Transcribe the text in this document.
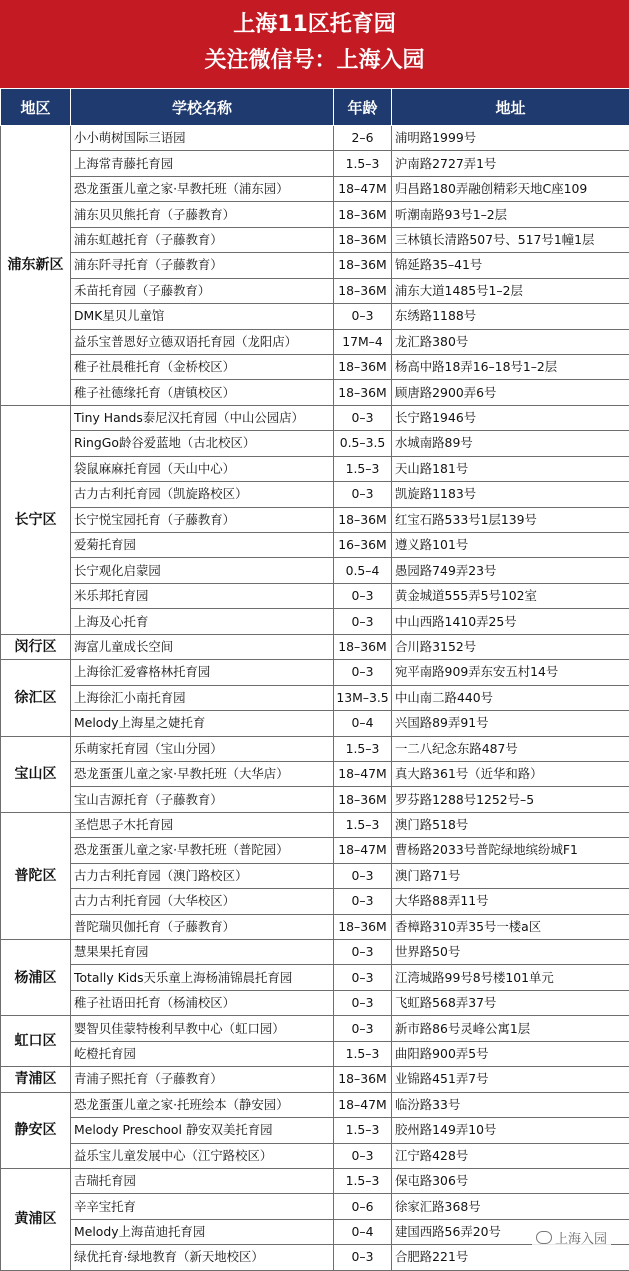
上海11区托育园
关注微信号：上海入园
地区	学校名称	年龄	地址
浦东新区	小小萌树国际三语园	2–6	浦明路1999号
	上海常青藤托育园	1.5–3	沪南路2727弄1号
	恐龙蛋蛋儿童之家·早教托班（浦东园）	18–47M	归昌路180弄融创精彩天地C座109
	浦东贝贝熊托育（子藤教育）	18–36M	听潮南路93号1–2层
	浦东虹越托育（子藤教育）	18–36M	三林镇长清路507号、517号1幢1层
	浦东阡寻托育（子藤教育）	18–36M	锦延路35–41号
	禾苗托育园（子藤教育）	18–36M	浦东大道1485号1–2层
	DMK星贝儿童馆	0–3	东绣路1188号
	益乐宝普恩好立德双语托育园（龙阳店）	17M–4	龙汇路380号
	稚子社晨稚托育（金桥校区）	18–36M	杨高中路18弄16–18号1–2层
	稚子社德缘托育（唐镇校区）	18–36M	顾唐路2900弄6号
长宁区	Tiny Hands泰尼汉托育园（中山公园店）	0–3	长宁路1946号
	RingGo龄谷爱蓝地（古北校区）	0.5–3.5	水城南路89号
	袋鼠麻麻托育园（天山中心）	1.5–3	天山路181号
	古力古利托育园（凯旋路校区）	0–3	凯旋路1183号
	长宁悦宝园托育（子藤教育）	18–36M	红宝石路533号1层139号
	爱菊托育园	16–36M	遵义路101号
	长宁观化启蒙园	0.5–4	愚园路749弄23号
	米乐邦托育园	0–3	黄金城道555弄5号102室
	上海及心托育	0–3	中山西路1410弄25号
闵行区	海富儿童成长空间	18–36M	合川路3152号
徐汇区	上海徐汇爱睿格林托育园	0–3	宛平南路909弄东安五村14号
	上海徐汇小南托育园	13M–3.5	中山南二路440号
	Melody上海星之婕托育	0–4	兴国路89弄91号
宝山区	乐萌家托育园（宝山分园）	1.5–3	一二八纪念东路487号
	恐龙蛋蛋儿童之家·早教托班（大华店）	18–47M	真大路361号（近华和路）
	宝山吉源托育（子藤教育）	18–36M	罗芬路1288号1252号–5
普陀区	圣恺思子木托育园	1.5–3	澳门路518号
	恐龙蛋蛋儿童之家·早教托班（普陀园）	18–47M	曹杨路2033号普陀绿地缤纷城F1
	古力古利托育园（澳门路校区）	0–3	澳门路71号
	古力古利托育园（大华校区）	0–3	大华路88弄11号
	普陀瑞贝伽托育（子藤教育）	18–36M	香樟路310弄35号一楼a区
杨浦区	慧果果托育园	0–3	世界路50号
	Totally Kids天乐童上海杨浦锦晨托育园	0–3	江湾城路99号8号楼101单元
	稚子社语田托育（杨浦校区）	0–3	飞虹路568弄37号
虹口区	婴智贝佳蒙特梭利早教中心（虹口园）	0–3	新市路86号灵峰公寓1层
	屹橙托育园	1.5–3	曲阳路900弄5号
青浦区	青浦子熙托育（子藤教育）	18–36M	业锦路451弄7号
静安区	恐龙蛋蛋儿童之家·托班绘本（静安园）	18–47M	临汾路33号
	Melody Preschool 静安双美托育园	1.5–3	胶州路149弄10号
	益乐宝儿童发展中心（江宁路校区）	0–3	江宁路428号
黄浦区	吉瑞托育园	1.5–3	保屯路306号
	辛辛宝托育	0–6	徐家汇路368号
	Melody上海苗迪托育园	0–4	建国西路56弄20号
	绿优托育·绿地教育（新天地校区）	0–3	合肥路221号
上海入园
